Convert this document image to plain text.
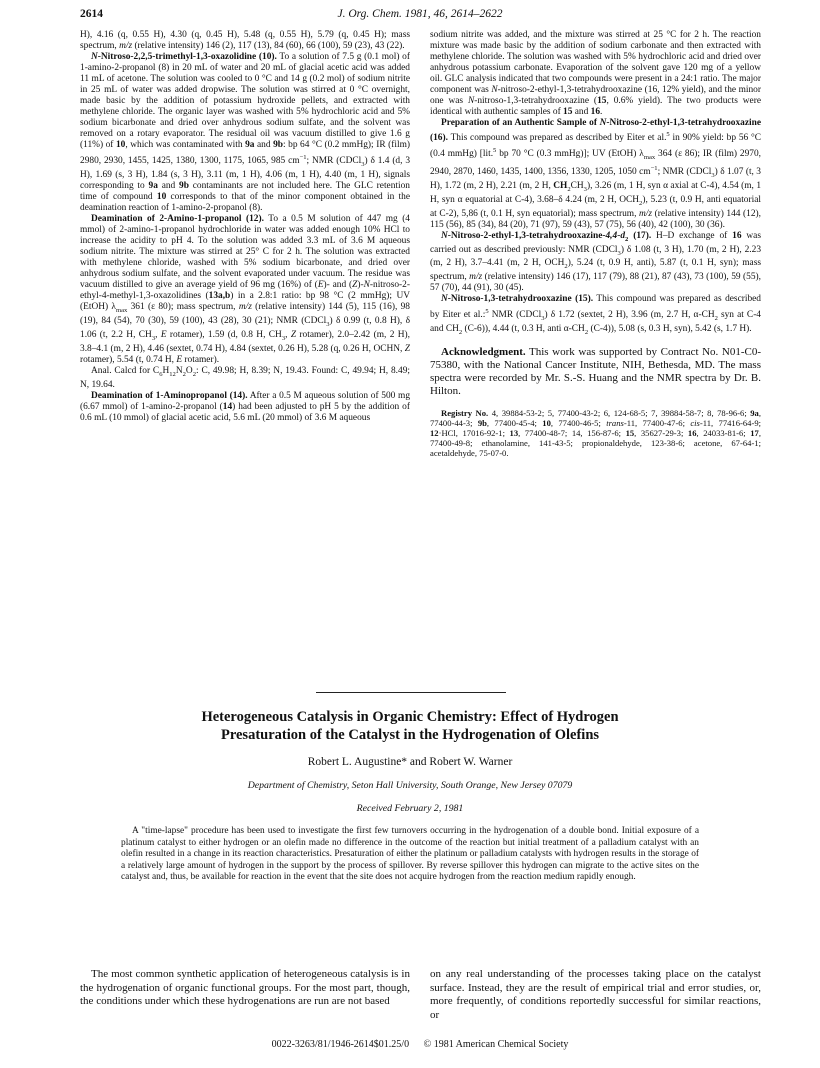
2614	J. Org. Chem. 1981, 46, 2614–2622

H), 4.16 (q, 0.55 H), 4.30 (q, 0.45 H), 5.48 (q, 0.55 H), 5.79 (q, 0.45 H); mass spectrum, m/z (relative intensity) 146 (2), 117 (13), 84 (60), 66 (100), 59 (23), 43 (22).

N-Nitroso-2,2,5-trimethyl-1,3-oxazolidine (10). To a solution of 7.5 g (0.1 mol) of 1-amino-2-propanol (8) in 20 mL of water and 20 mL of glacial acetic acid was added 11 mL of acetone. The solution was cooled to 0 °C and 14 g (0.2 mol) of sodium nitrite in 25 mL of water was added dropwise. The solution was stirred at 0 °C overnight, made basic by the addition of potassium hydroxide pellets, and extracted with methylene chloride. The organic layer was washed with 5% hydrochloric acid and 5% sodium bicarbonate and dried over anhydrous sodium sulfate, and the solvent was removed on a rotary evaporator. The residual oil was vacuum distilled to give 1.6 g (11%) of 10, which was contaminated with 9a and 9b: bp 64 °C (0.2 mmHg); IR (film) 2980, 2930, 1455, 1425, 1380, 1300, 1175, 1065, 985 $cm^{-1}$; NMR (CDCl$_3$) δ 1.4 (d, 3 H), 1.69 (s, 3 H), 1.84 (s, 3 H), 3.11 (m, 1 H), 4.06 (m, 1 H), 4.40 (m, 1 H), signals corresponding to 9a and 9b contaminants are not included here. The GLC retention time of compound 10 corresponds to that of the minor component obtained in the deamination reaction of 1-amino-2-propanol (8).

Deamination of 2-Amino-1-propanol (12). To a 0.5 M solution of 447 mg (4 mmol) of 2-amino-1-propanol hydrochloride in water was added enough 10% HCl to increase the acidity to pH 4. To the solution was added 3.3 mL of 3.6 M aqueous sodium nitrite. The mixture was stirred at 25° C for 2 h. The solution was extracted with methylene chloride, washed with 5% sodium bicarbonate, and dried over anhydrous sodium sulfate, and the solvent evaporated under vacuum. The residue was vacuum distilled to give an average yield of 96 mg (16%) of (E)- and (Z)-N-nitroso-2-ethyl-4-methyl-1,3-oxazolidines (13a,b) in a 2.8:1 ratio: bp 98 °C (2 mmHg); UV (EtOH) $\lambda_{max}$ 361 (ε 80); mass spectrum, m/z (relative intensity) 144 (5), 115 (16), 98 (19), 84 (54), 70 (30), 59 (100), 43 (28), 30 (21); NMR (CDCl$_3$) δ 0.99 (t, 0.8 H), δ 1.06 (t, 2.2 H, $CH_3$, E rotamer), 1.59 (d, 0.8 H, $CH_3$, Z rotamer), 2.0–2.42 (m, 2 H), 3.8–4.1 (m, 2 H), 4.46 (sextet, 0.74 H), 4.84 (sextet, 0.26 H), 5.28 (q, 0.26 H, OCHN, Z rotamer), 5.54 (t, 0.74 H, E rotamer).

Anal. Calcd for $C_6H_{12}N_2O_2$: C, 49.98; H, 8.39; N, 19.43. Found: C, 49.94; H, 8.49; N, 19.64.

Deamination of 1-Aminopropanol (14). After a 0.5 M aqueous solution of 500 mg (6.67 mmol) of 1-amino-2-propanol (14) had been adjusted to pH 5 by the addition of 0.6 mL (10 mmol) of glacial acetic acid, 5.6 mL (20 mmol) of 3.6 M aqueous

sodium nitrite was added, and the mixture was stirred at 25 °C for 2 h. The reaction mixture was made basic by the addition of sodium carbonate and then extracted with methylene chloride. The solution was washed with 5% hydrochloric acid and dried over anhydrous potassium carbonate. Evaporation of the solvent gave 120 mg of a yellow oil. GLC analysis indicated that two compounds were present in a 24:1 ratio. The major component was N-nitroso-2-ethyl-1,3-tetrahydrooxazine (16, 12% yield), and the minor one was N-nitroso-1,3-tetrahydrooxazine (15, 0.6% yield). The two products were identical with authentic samples of 15 and 16.

Preparation of an Authentic Sample of N-Nitroso-2-ethyl-1,3-tetrahydrooxazine (16). This compound was prepared as described by Eiter et al.$^5$ in 90% yield: bp 56 °C (0.4 mmHg) [lit.$^5$ bp 70 °C (0.3 mmHg)]; UV (EtOH) $\lambda_{max}$ 364 (ε 86); IR (film) 2970, 2940, 2870, 1460, 1435, 1400, 1356, 1330, 1205, 1050 $cm^{-1}$; NMR (CDCl$_3$) δ 1.07 (t, 3 H), 1.72 (m, 2 H), 2.21 (m, 2 H, $CH_2CH_3$), 3.26 (m, 1 H, syn α axial at C-4), 4.54 (m, 1 H, syn α equatorial at C-4), 3.68–δ 4.24 (m, 2 H, $OCH_2$), 5.23 (t, 0.9 H, anti equatorial at C-2), 5,86 (t, 0.1 H, syn equatorial); mass spectrum, m/z (relative intensity) 144 (12), 115 (56), 85 (34), 84 (20), 71 (97), 59 (43), 57 (75), 56 (40), 42 (100), 30 (36).

$N-Nitroso-2-ethyl-1,3-tetrahydrooxazine-4,4-d_2$ (17). H–D exchange of 16 was carried out as described previously: NMR (CDCl$_3$) δ 1.08 (t, 3 H), 1.70 (m, 2 H), 2.23 (m, 2 H), 3.7–4.41 (m, 2 H, $OCH_2$), 5.24 (t, 0.9 H, anti), 5.87 (t, 0.1 H, syn); mass spectrum, m/z (relative intensity) 146 (17), 117 (79), 88 (21), 87 (43), 73 (100), 59 (55), 57 (70), 44 (91), 30 (45).

N-Nitroso-1,3-tetrahydrooxazine (15). This compound was prepared as described by Eiter et al.:$^5$ NMR (CDCl$_3$) δ 1.72 (sextet, 2 H), 3.96 (m, 2.7 H, $\alpha-CH_2$ syn at C-4 and $CH_2$ (C-6)), 4.44 (t, 0.3 H, anti $\alpha-CH_2$ (C-4)), 5.08 (s, 0.3 H, syn), 5.42 (s, 1.7 H).

Acknowledgment. This work was supported by Contract No. N01-C0-75380, with the National Cancer Institute, NIH, Bethesda, MD. The mass spectra were recorded by Mr. S.-S. Huang and the NMR spectra by Dr. B. Hilton.

Registry No. 4, 39884-53-2; 5, 77400-43-2; 6, 124-68-5; 7, 39884-58-7; 8, 78-96-6; 9a, 77400-44-3; 9b, 77400-45-4; 10, 77400-46-5; trans-11, 77400-47-6; cis-11, 77416-64-9; 12·HCl, 17016-92-1; 13, 77400-48-7; 14, 156-87-6; 15, 35627-29-3; 16, 24033-81-6; 17, 77400-49-8; ethanolamine, 141-43-5; propionaldehyde, 123-38-6; acetone, 67-64-1; acetaldehyde, 75-07-0.

Heterogeneous Catalysis in Organic Chemistry: Effect of Hydrogen
Presaturation of the Catalyst in the Hydrogenation of Olefins
Robert L. Augustine* and Robert W. Warner
Department of Chemistry, Seton Hall University, South Orange, New Jersey 07079
Received February 2, 1981
A "time-lapse" procedure has been used to investigate the first few turnovers occurring in the hydrogenation of a double bond. Initial exposure of a platinum catalyst to either hydrogen or an olefin made no difference in the outcome of the reaction but initial treatment of a palladium catalyst with an olefin resulted in a change in its reaction characteristics. Presaturation of either the platinum or palladium catalysts with hydrogen results in the storage of a relatively large amount of hydrogen in the support by the process of spillover. By reverse spillover this hydrogen can migrate to the active sites on the catalyst and, thus, be available for reaction in the event that the site does not acquire hydrogen from the reaction medium rapidly enough.
The most common synthetic application of heterogeneous catalysis is in the hydrogenation of organic functional groups. For the most part, though, the conditions under which these hydrogenations are run are not based
on any real understanding of the processes taking place on the catalyst surface. Instead, they are the result of empirical trial and error studies, or, more frequently, of conditions reportedly successful for similar reactions, or
0022-3263/81/1946-2614$01.25/0 © 1981 American Chemical Society
